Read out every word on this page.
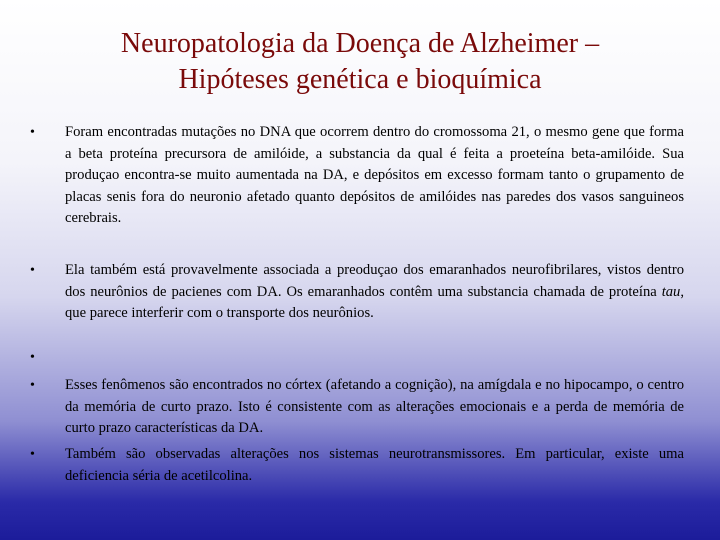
Neuropatologia da Doença de Alzheimer –
Hipóteses genética e bioquímica
•	Foram encontradas mutações no DNA que ocorrem dentro do cromossoma 21, o mesmo gene que forma a beta proteína precursora de amilóide, a substancia da qual é feita a proeteína beta-amilóide. Sua produçao encontra-se muito aumentada na DA, e depósitos em excesso formam tanto o grupamento de placas senis fora do neuronio afetado quanto depósitos de amilóides nas paredes dos vasos sanguineos cerebrais.
•	Ela também está provavelmente associada a preoduçao dos emaranhados neurofibrilares, vistos dentro dos neurônios de pacienes com DA. Os emaranhados contêm uma substancia chamada de proteína tau, que parece interferir com o transporte dos neurônios.
•
•	Esses fenômenos são encontrados no córtex (afetando a cognição), na amígdala e no hipocampo, o centro da memória de curto prazo. Isto é consistente com as alterações emocionais e a perda de memória de curto prazo características da DA.
•	Também são observadas alterações nos sistemas neurotransmissores. Em particular, existe uma deficiencia séria de acetilcolina.
